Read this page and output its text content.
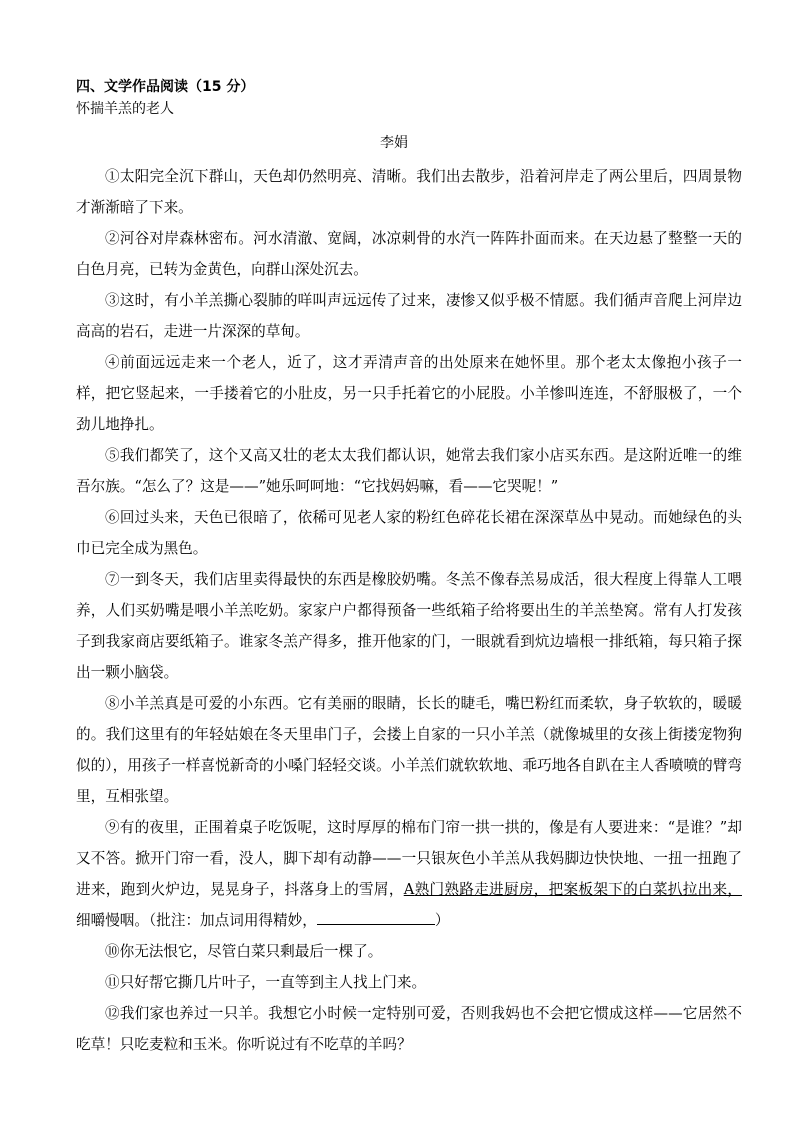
四、文学作品阅读（15 分）
怀揣羊羔的老人
李娟

①太阳完全沉下群山，天色却仍然明亮、清晰。我们出去散步，沿着河岸走了两公里后，四周景物才渐渐暗了下来。

②河谷对岸森林密布。河水清澈、宽阔，冰凉刺骨的水汽一阵阵扑面而来。在天边悬了整整一天的白色月亮，已转为金黄色，向群山深处沉去。

③这时，有小羊羔撕心裂肺的咩叫声远远传了过来，凄惨又似乎极不情愿。我们循声音爬上河岸边高高的岩石，走进一片深深的草甸。

④前面远远走来一个老人，近了，这才弄清声音的出处原来在她怀里。那个老太太像抱小孩子一样，把它竖起来，一手搂着它的小肚皮，另一只手托着它的小屁股。小羊惨叫连连，不舒服极了，一个劲儿地挣扎。

⑤我们都笑了，这个又高又壮的老太太我们都认识，她常去我们家小店买东西。是这附近唯一的维吾尔族。“怎么了？这是——”她乐呵呵地：“它找妈妈嘛，看——它哭呢！”

⑥回过头来，天色已很暗了，依稀可见老人家的粉红色碎花长裙在深深草丛中晃动。而她绿色的头巾已完全成为黑色。

⑦一到冬天，我们店里卖得最快的东西是橡胶奶嘴。冬羔不像春羔易成活，很大程度上得靠人工喂养，人们买奶嘴是喂小羊羔吃奶。家家户户都得预备一些纸箱子给将要出生的羊羔垫窝。常有人打发孩子到我家商店要纸箱子。谁家冬羔产得多，推开他家的门，一眼就看到炕边墙根一排纸箱，每只箱子探出一颗小脑袋。

⑧小羊羔真是可爱的小东西。它有美丽的眼睛，长长的睫毛，嘴巴粉红而柔软，身子软软的，暖暖的。我们这里有的年轻姑娘在冬天里串门子，会搂上自家的一只小羊羔（就像城里的女孩上街搂宠物狗似的），用孩子一样喜悦新奇的小嗓门轻轻交谈。小羊羔们就软软地、乖巧地各自趴在主人香喷喷的臂弯里，互相张望。

⑨有的夜里，正围着桌子吃饭呢，这时厚厚的棉布门帘一拱一拱的，像是有人要进来：“是谁？”却又不答。掀开门帘一看，没人，脚下却有动静——一只银灰色小羊羔从我妈脚边快快地、一扭一扭跑了进来，跑到火炉边，晃晃身子，抖落身上的雪屑，A熟门熟路走进厨房，把案板架下的白菜扒拉出来，细嚼慢咽。（批注：加点词用得精妙，	）

⑩你无法恨它，尽管白菜只剩最后一棵了。

⑪只好帮它撕几片叶子，一直等到主人找上门来。

⑫我们家也养过一只羊。我想它小时候一定特别可爱，否则我妈也不会把它惯成这样——它居然不吃草！只吃麦粒和玉米。你听说过有不吃草的羊吗？
